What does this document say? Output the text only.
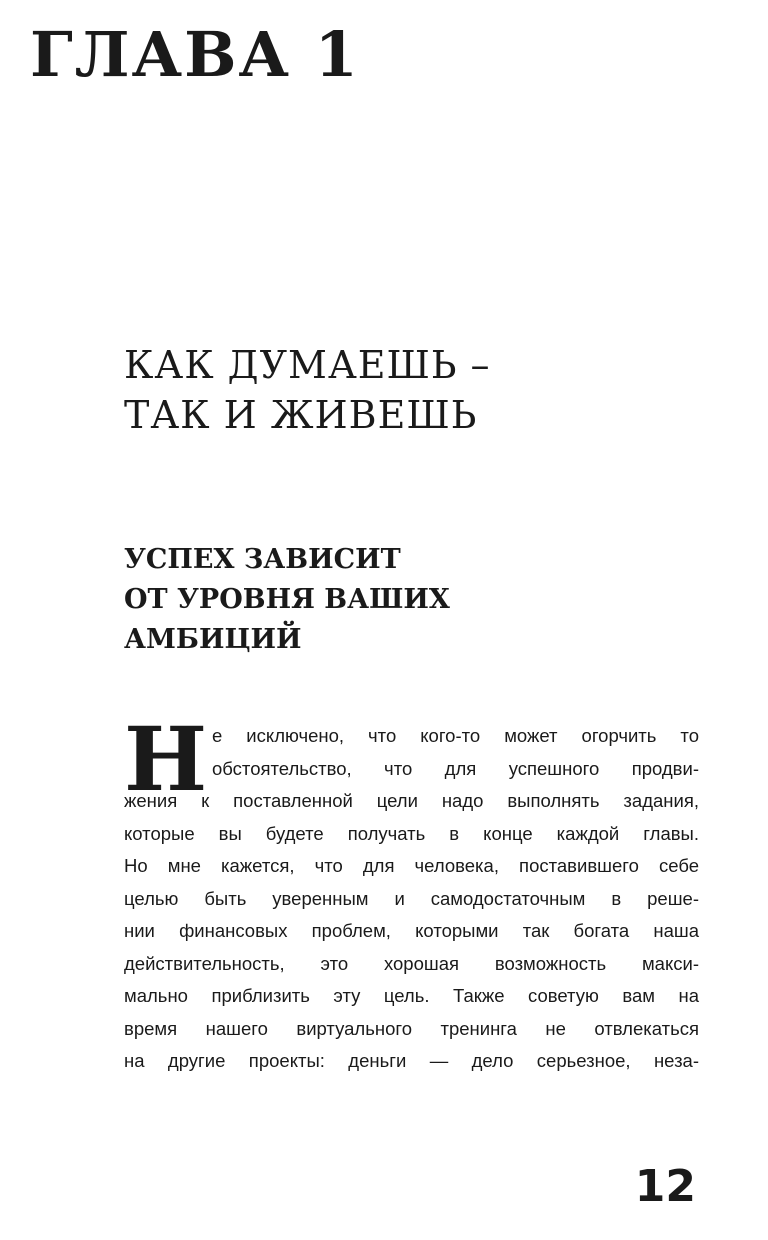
ГЛАВА 1
КАК ДУМАЕШЬ –
ТАК И ЖИВЕШЬ
УСПЕХ ЗАВИСИТ
ОТ УРОВНЯ ВАШИХ
АМБИЦИЙ
Н е исключено, что кого-то может огорчить то
обстоятельство, что для успешного продви-
жения к поставленной цели надо выполнять задания,
которые вы будете получать в конце каждой главы.
Но мне кажется, что для человека, поставившего себе
целью быть уверенным и самодостаточным в реше-
нии финансовых проблем, которыми так богата наша
действительность, это хорошая возможность макси-
мально приблизить эту цель. Также советую вам на
время нашего виртуального тренинга не отвлекаться
на другие проекты: деньги — дело серьезное, неза-
12
